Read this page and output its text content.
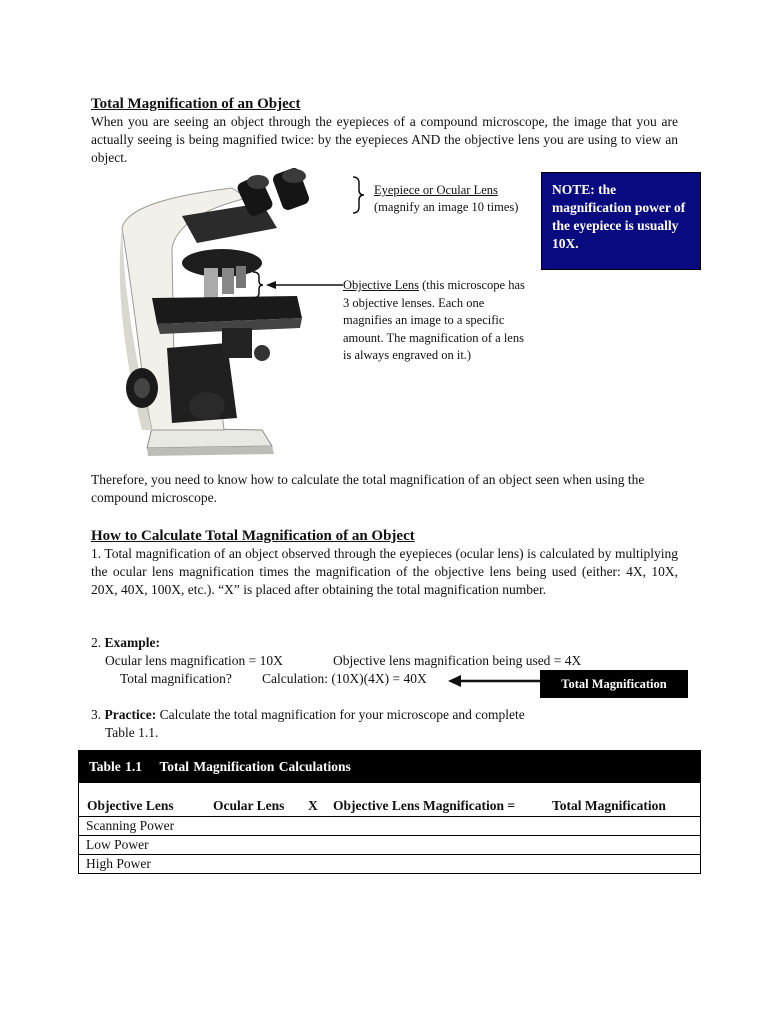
Total Magnification of an Object
When you are seeing an object through the eyepieces of a compound microscope, the image that you are actually seeing is being magnified twice: by the eyepieces AND the objective lens you are using to view an object.
Eyepiece or Ocular Lens
(magnify an image 10 times)
Objective Lens (this microscope has 3 objective lenses. Each one magnifies an image to a specific amount. The magnification of a lens is always engraved on it.)
NOTE: the magnification power of the eyepiece is usually 10X.
Therefore, you need to know how to calculate the total magnification of an object seen when using the compound microscope.
How to Calculate Total Magnification of an Object
1. Total magnification of an object observed through the eyepieces (ocular lens) is calculated by multiplying the ocular lens magnification times the magnification of the objective lens being used (either: 4X, 10X, 20X, 40X, 100X, etc.). “X” is placed after obtaining the total magnification number.
2. Example:
Ocular lens magnification = 10X	Objective lens magnification being used = 4X
Total magnification? Calculation: (10X)(4X) = 40X	Total Magnification
3. Practice: Calculate the total magnification for your microscope and complete
Table 1.1.
Table 1.1 Total Magnification Calculations
Objective Lens	Ocular Lens X Objective Lens Magnification =	Total Magnification
Scanning Power
Low Power
High Power
